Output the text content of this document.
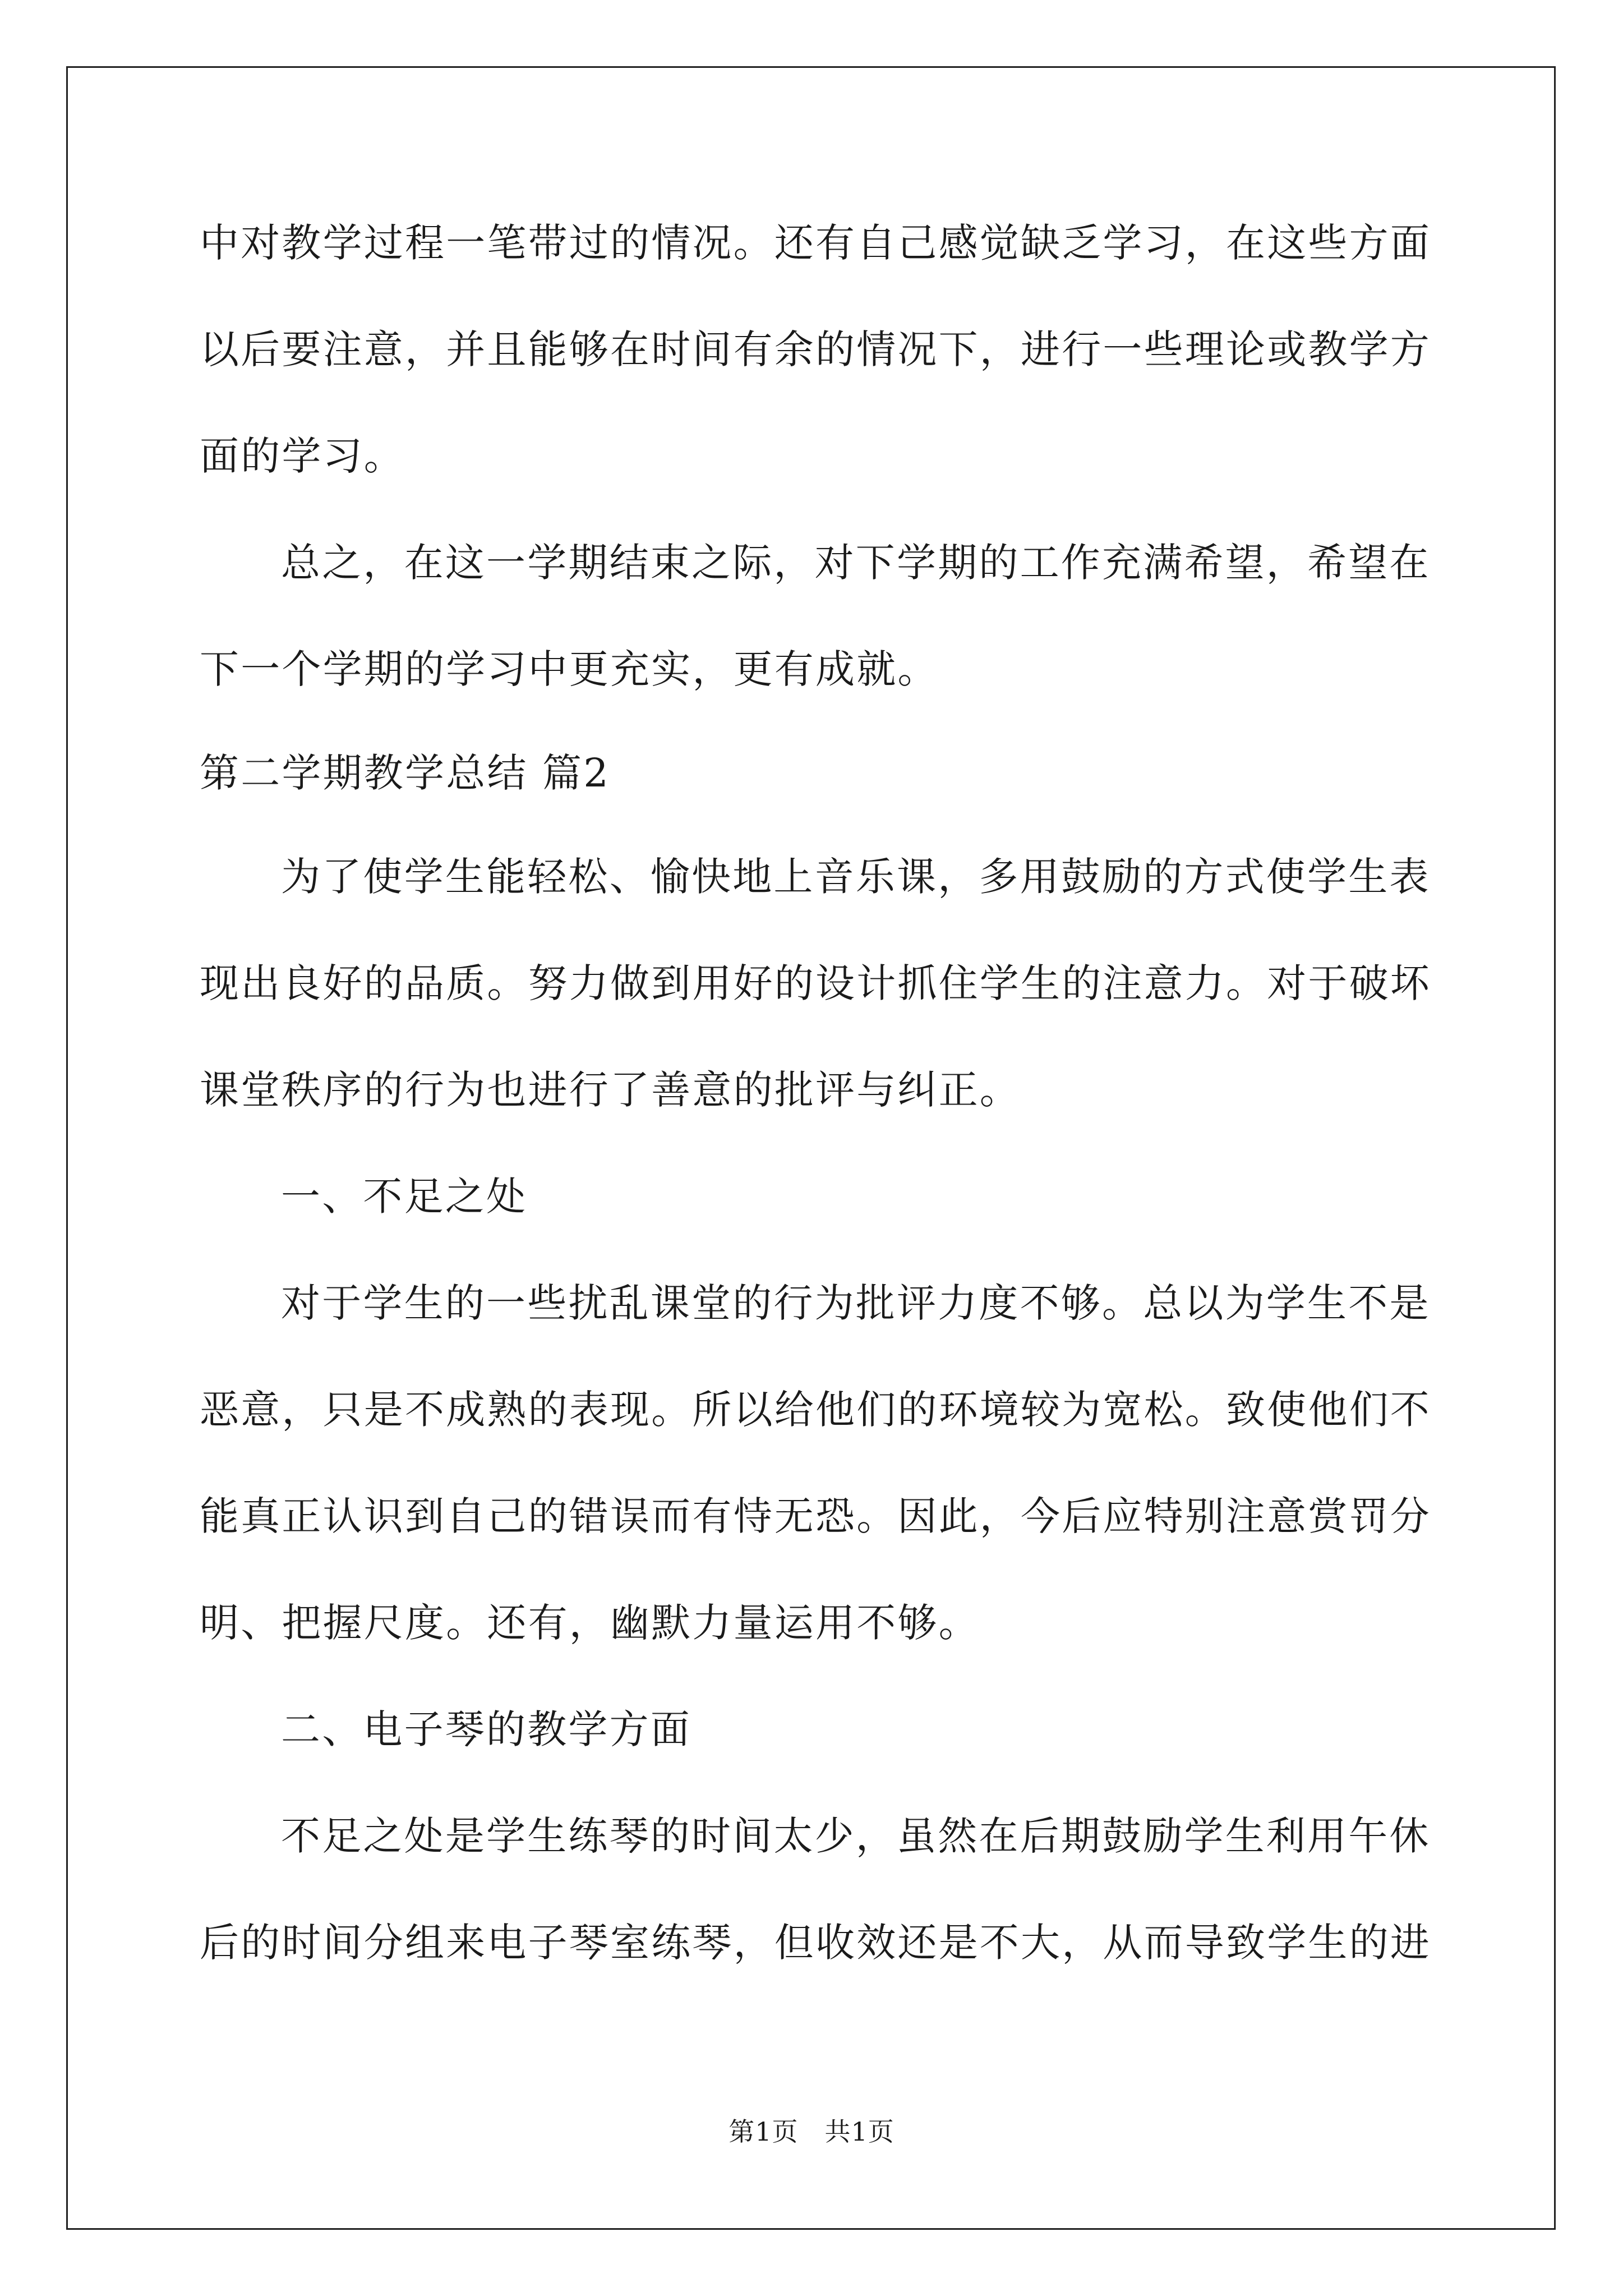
中对教学过程一笔带过的情况。还有自己感觉缺乏学习，在这些方面
以后要注意，并且能够在时间有余的情况下，进行一些理论或教学方
面的学习。
总之，在这一学期结束之际，对下学期的工作充满希望，希望在
下一个学期的学习中更充实，更有成就。
第二学期教学总结 篇2
为了使学生能轻松、愉快地上音乐课，多用鼓励的方式使学生表
现出良好的品质。努力做到用好的设计抓住学生的注意力。对于破坏
课堂秩序的行为也进行了善意的批评与纠正。
一、不足之处
对于学生的一些扰乱课堂的行为批评力度不够。总以为学生不是
恶意，只是不成熟的表现。所以给他们的环境较为宽松。致使他们不
能真正认识到自己的错误而有恃无恐。因此，今后应特别注意赏罚分
明、把握尺度。还有，幽默力量运用不够。
二、电子琴的教学方面
不足之处是学生练琴的时间太少，虽然在后期鼓励学生利用午休
后的时间分组来电子琴室练琴，但收效还是不大，从而导致学生的进
第1页　共1页
